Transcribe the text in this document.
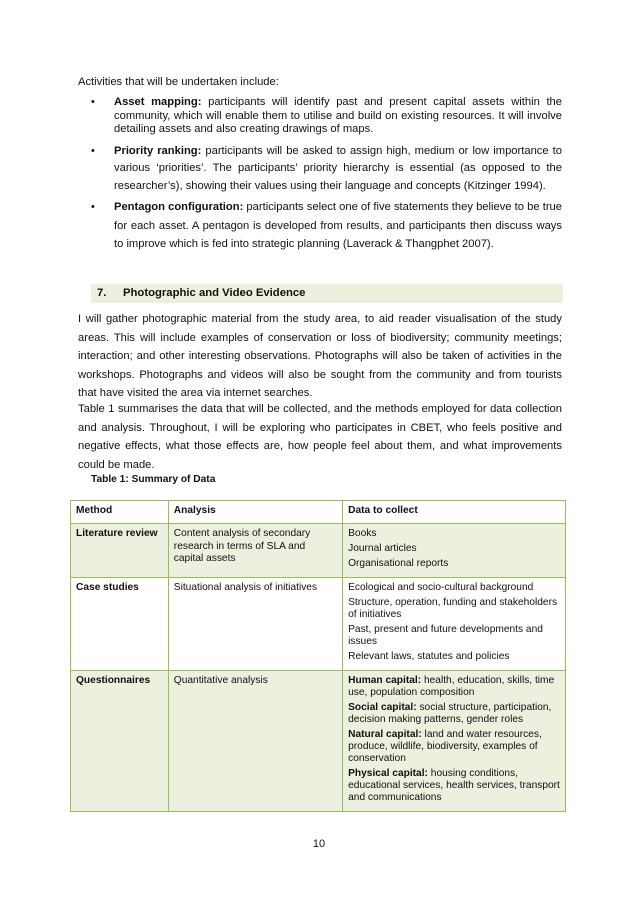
Activities that will be undertaken include:
• Asset mapping: participants will identify past and present capital assets within the community, which will enable them to utilise and build on existing resources. It will involve detailing assets and also creating drawings of maps.
• Priority ranking: participants will be asked to assign high, medium or low importance to various ‘priorities’. The participants’ priority hierarchy is essential (as opposed to the researcher’s), showing their values using their language and concepts (Kitzinger 1994).
• Pentagon configuration: participants select one of five statements they believe to be true for each asset. A pentagon is developed from results, and participants then discuss ways to improve which is fed into strategic planning (Laverack & Thangphet 2007).
7. Photographic and Video Evidence

I will gather photographic material from the study area, to aid reader visualisation of the study areas. This will include examples of conservation or loss of biodiversity; community meetings; interaction; and other interesting observations. Photographs will also be taken of activities in the workshops. Photographs and videos will also be sought from the community and from tourists that have visited the area via internet searches.

Table 1 summarises the data that will be collected, and the methods employed for data collection and analysis. Throughout, I will be exploring who participates in CBET, who feels positive and negative effects, what those effects are, how people feel about them, and what improvements could be made.

Table 1: Summary of Data
Method	Analysis	Data to collect
Literature review	Content analysis of secondary research in terms of SLA and capital assets	Books
Journal articles
Organisational reports

Case studies	Situational analysis of initiatives	Ecological and socio-cultural background
Structure, operation, funding and stakeholders of initiatives
Past, present and future developments and issues
Relevant laws, statutes and policies

Questionnaires	Quantitative analysis	Human capital: health, education, skills, time use, population composition
Social capital: social structure, participation, decision making patterns, gender roles
Natural capital: land and water resources, produce, wildlife, biodiversity, examples of conservation
Physical capital: housing conditions, educational services, health services, transport and communications
10
